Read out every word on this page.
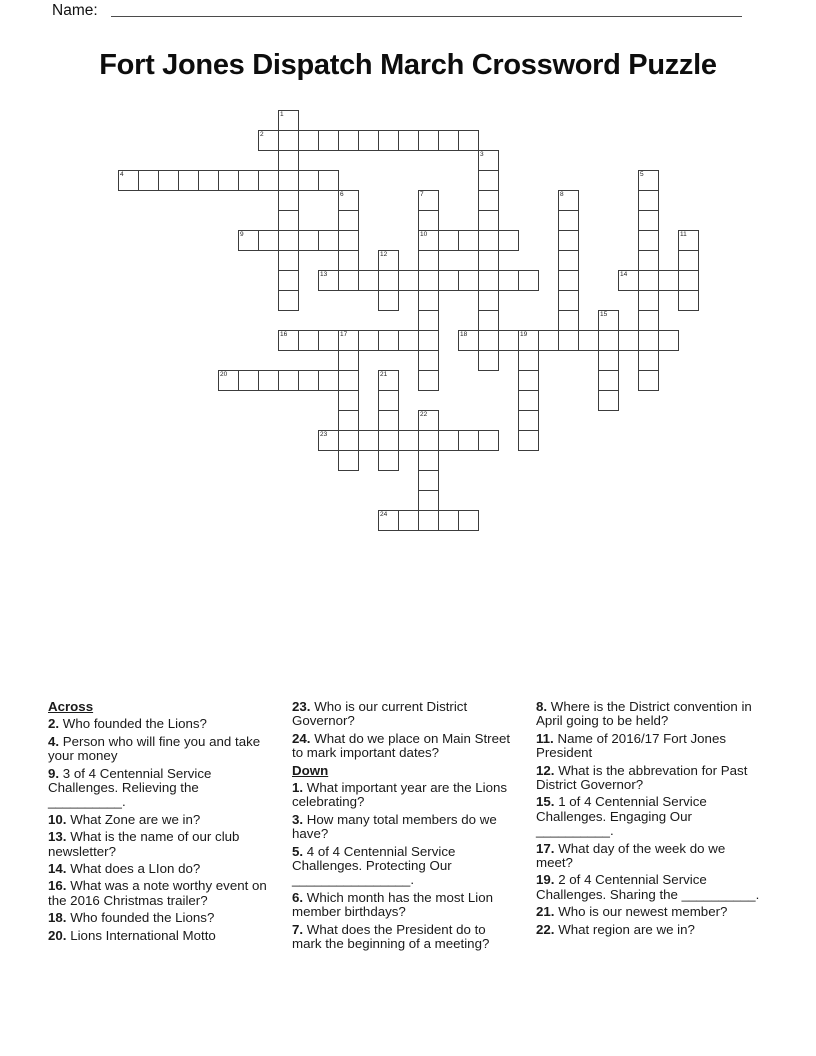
Name:
Fort Jones Dispatch March Crossword Puzzle
1
2
3
4	5
6	7
10
8
9	11
12
13	14
15
16	17	18	19
20	21
22
23
24

Across

2. Who founded the Lions?

4. Person who will fine you and take your money

9. 3 of 4 Centennial Service Challenges. Relieving the __________.

10. What Zone are we in?

13. What is the name of our club newsletter?

14. What does a LIon do?

16. What was a note worthy event on the 2016 Christmas trailer?

18. Who founded the Lions?

20. Lions International Motto

23. Who is our current District Governor?

24. What do we place on Main Street to mark important dates?

Down

1. What important year are the Lions celebrating?

3. How many total members do we have?

5. 4 of 4 Centennial Service Challenges. Protecting Our ________________.

6. Which month has the most Lion member birthdays?

7. What does the President do to mark the beginning of a meeting?

8. Where is the District convention in April going to be held?

11. Name of 2016/17 Fort Jones President

12. What is the abbrevation for Past District Governor?

15. 1 of 4 Centennial Service Challenges. Engaging Our __________.

17. What day of the week do we meet?

19. 2 of 4 Centennial Service Challenges. Sharing the __________.

21. Who is our newest member?

22. What region are we in?
